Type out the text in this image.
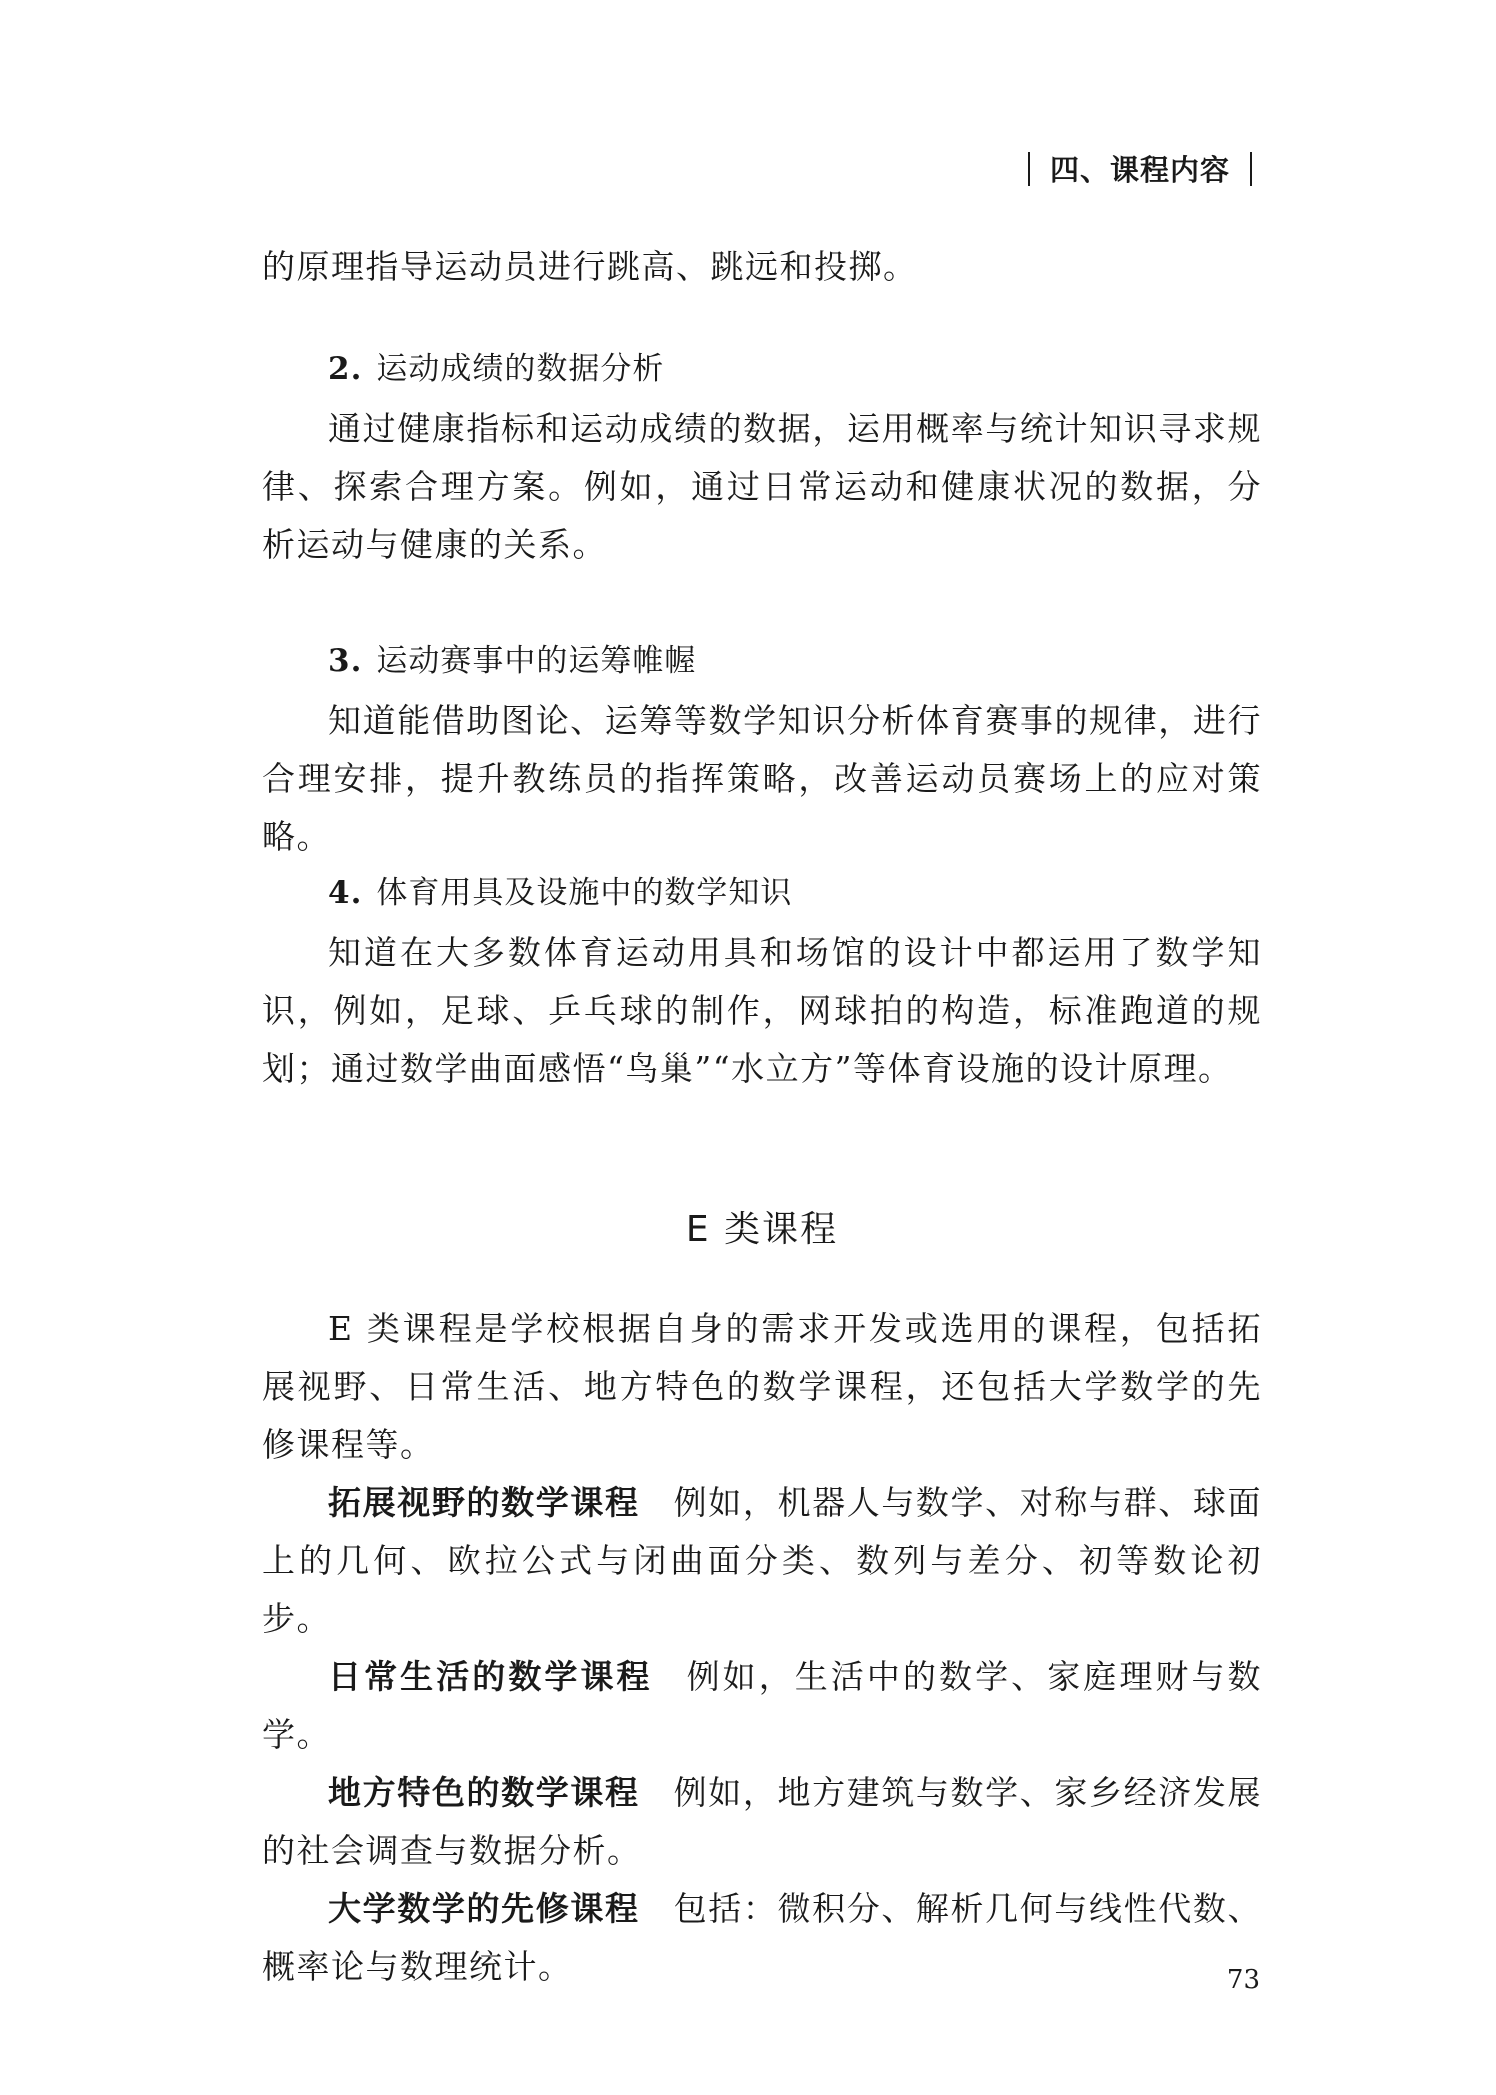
四、课程内容

的原理指导运动员进行跳高、跳远和投掷。

2. 运动成绩的数据分析

通过健康指标和运动成绩的数据，运用概率与统计知识寻求规律、探索合理方案。例如，通过日常运动和健康状况的数据，分析运动与健康的关系。

3. 运动赛事中的运筹帷幄

知道能借助图论、运筹等数学知识分析体育赛事的规律，进行合理安排，提升教练员的指挥策略，改善运动员赛场上的应对策略。

4. 体育用具及设施中的数学知识

知道在大多数体育运动用具和场馆的设计中都运用了数学知识，例如，足球、乒乓球的制作，网球拍的构造，标准跑道的规划；通过数学曲面感悟“鸟巢”“水立方”等体育设施的设计原理。

E 类课程

E 类课程是学校根据自身的需求开发或选用的课程，包括拓展视野、日常生活、地方特色的数学课程，还包括大学数学的先修课程等。

拓展视野的数学课程 例如，机器人与数学、对称与群、球面上的几何、欧拉公式与闭曲面分类、数列与差分、初等数论初步。

日常生活的数学课程 例如，生活中的数学、家庭理财与数学。

地方特色的数学课程 例如，地方建筑与数学、家乡经济发展的社会调查与数据分析。

大学数学的先修课程 包括：微积分、解析几何与线性代数、概率论与数理统计。	73
